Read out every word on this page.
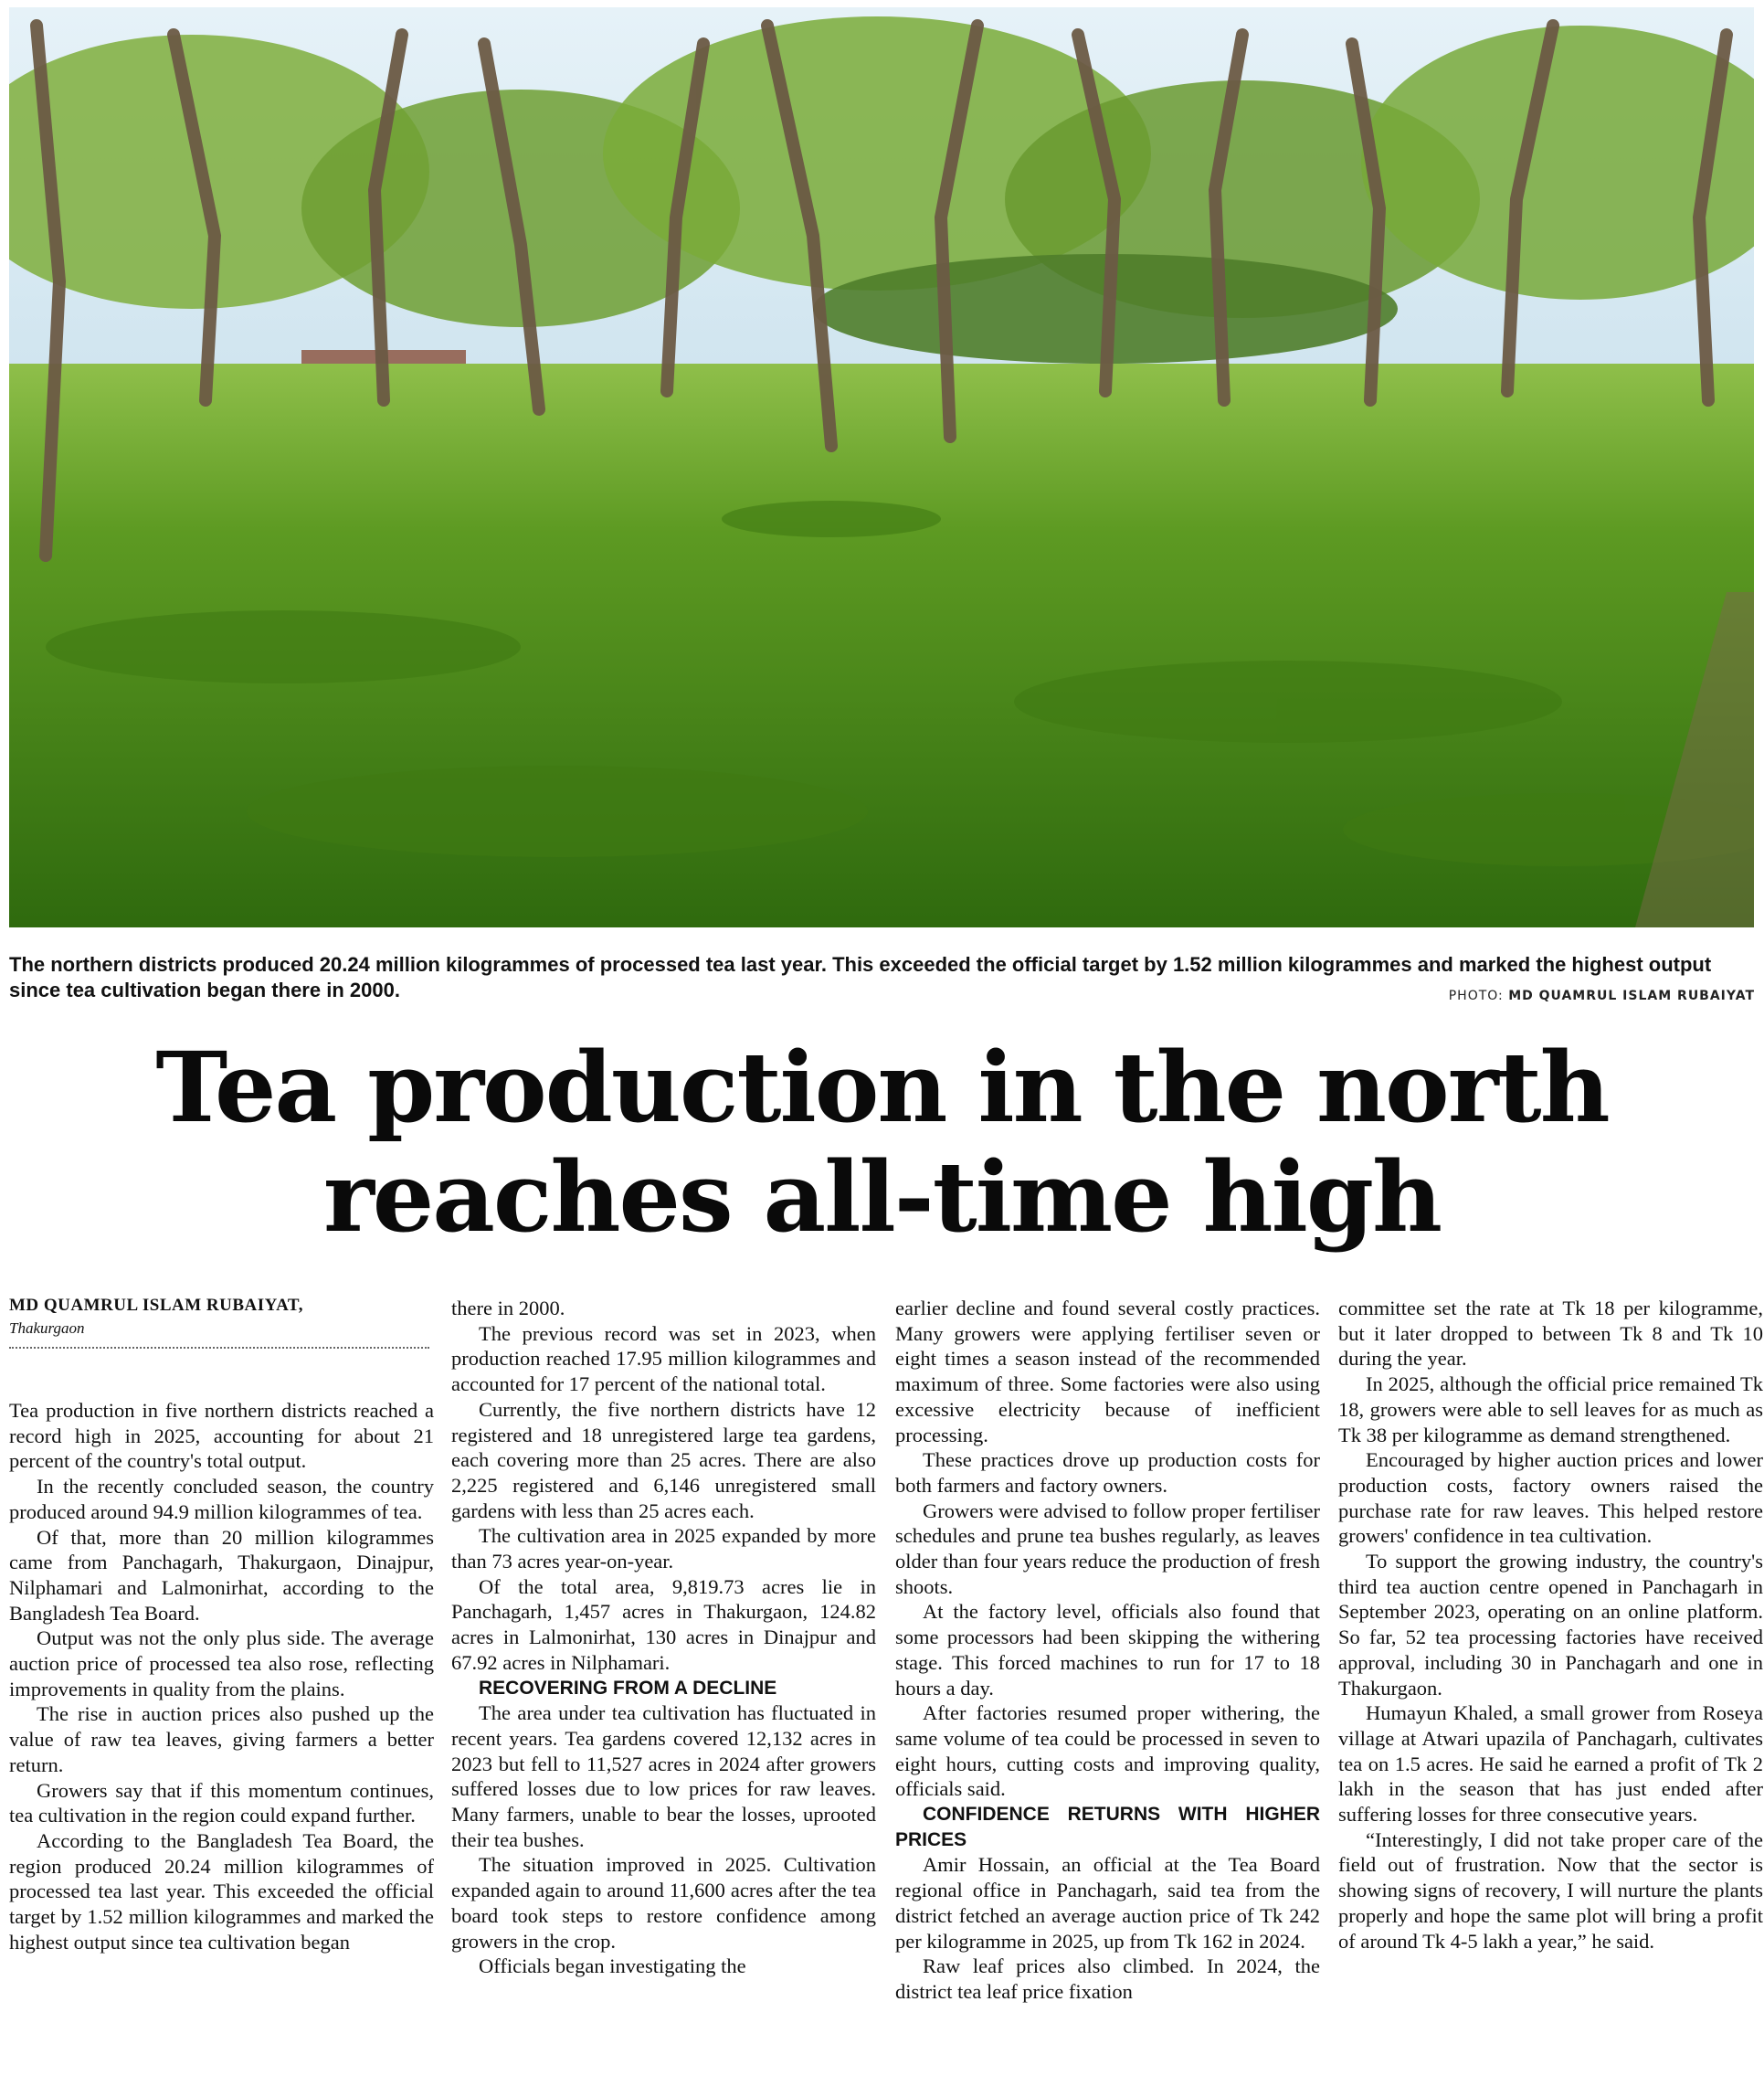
The northern districts produced 20.24 million kilogrammes of processed tea last year. This exceeded the official target by 1.52 million kilogrammes and marked the highest output since tea cultivation began there in 2000.	PHOTO: MD QUAMRUL ISLAM RUBAIYAT
Tea production in the north
reaches all-time high
MD QUAMRUL ISLAM RUBAIYAT,
Thakurgaon

Tea production in five northern districts reached a record high in 2025, accounting for about 21 percent of the country's total output.

In the recently concluded season, the country produced around 94.9 million kilogrammes of tea.

Of that, more than 20 million kilogrammes came from Panchagarh, Thakurgaon, Dinajpur, Nilphamari and Lalmonirhat, according to the Bangladesh Tea Board.

Output was not the only plus side. The average auction price of processed tea also rose, reflecting improvements in quality from the plains.

The rise in auction prices also pushed up the value of raw tea leaves, giving farmers a better return.

Growers say that if this momentum continues, tea cultivation in the region could expand further.

According to the Bangladesh Tea Board, the region produced 20.24 million kilogrammes of processed tea last year. This exceeded the official target by 1.52 million kilogrammes and marked the highest output since tea cultivation began

there in 2000.

The previous record was set in 2023, when production reached 17.95 million kilogrammes and accounted for 17 percent of the national total.

Currently, the five northern districts have 12 registered and 18 unregistered large tea gardens, each covering more than 25 acres. There are also 2,225 registered and 6,146 unregistered small gardens with less than 25 acres each.

The cultivation area in 2025 expanded by more than 73 acres year-on-year.

Of the total area, 9,819.73 acres lie in Panchagarh, 1,457 acres in Thakurgaon, 124.82 acres in Lalmonirhat, 130 acres in Dinajpur and 67.92 acres in Nilphamari.

RECOVERING FROM A DECLINE

The area under tea cultivation has fluctuated in recent years. Tea gardens covered 12,132 acres in 2023 but fell to 11,527 acres in 2024 after growers suffered losses due to low prices for raw leaves. Many farmers, unable to bear the losses, uprooted their tea bushes.

The situation improved in 2025. Cultivation expanded again to around 11,600 acres after the tea board took steps to restore confidence among growers in the crop.

Officials began investigating the

earlier decline and found several costly practices. Many growers were applying fertiliser seven or eight times a season instead of the recommended maximum of three. Some factories were also using excessive electricity because of inefficient processing.

These practices drove up production costs for both farmers and factory owners.

Growers were advised to follow proper fertiliser schedules and prune tea bushes regularly, as leaves older than four years reduce the production of fresh shoots.

At the factory level, officials also found that some processors had been skipping the withering stage. This forced machines to run for 17 to 18 hours a day.

After factories resumed proper withering, the same volume of tea could be processed in seven to eight hours, cutting costs and improving quality, officials said.

CONFIDENCE RETURNS WITH HIGHER PRICES

Amir Hossain, an official at the Tea Board regional office in Panchagarh, said tea from the district fetched an average auction price of Tk 242 per kilogramme in 2025, up from Tk 162 in 2024.

Raw leaf prices also climbed. In 2024, the district tea leaf price fixation

committee set the rate at Tk 18 per kilogramme, but it later dropped to between Tk 8 and Tk 10 during the year.

In 2025, although the official price remained Tk 18, growers were able to sell leaves for as much as Tk 38 per kilogramme as demand strengthened.

Encouraged by higher auction prices and lower production costs, factory owners raised the purchase rate for raw leaves. This helped restore growers' confidence in tea cultivation.

To support the growing industry, the country's third tea auction centre opened in Panchagarh in September 2023, operating on an online platform. So far, 52 tea processing factories have received approval, including 30 in Panchagarh and one in Thakurgaon.

Humayun Khaled, a small grower from Roseya village at Atwari upazila of Panchagarh, cultivates tea on 1.5 acres. He said he earned a profit of Tk 2 lakh in the season that has just ended after suffering losses for three consecutive years.

“Interestingly, I did not take proper care of the field out of frustration. Now that the sector is showing signs of recovery, I will nurture the plants properly and hope the same plot will bring a profit of around Tk 4-5 lakh a year,” he said.
